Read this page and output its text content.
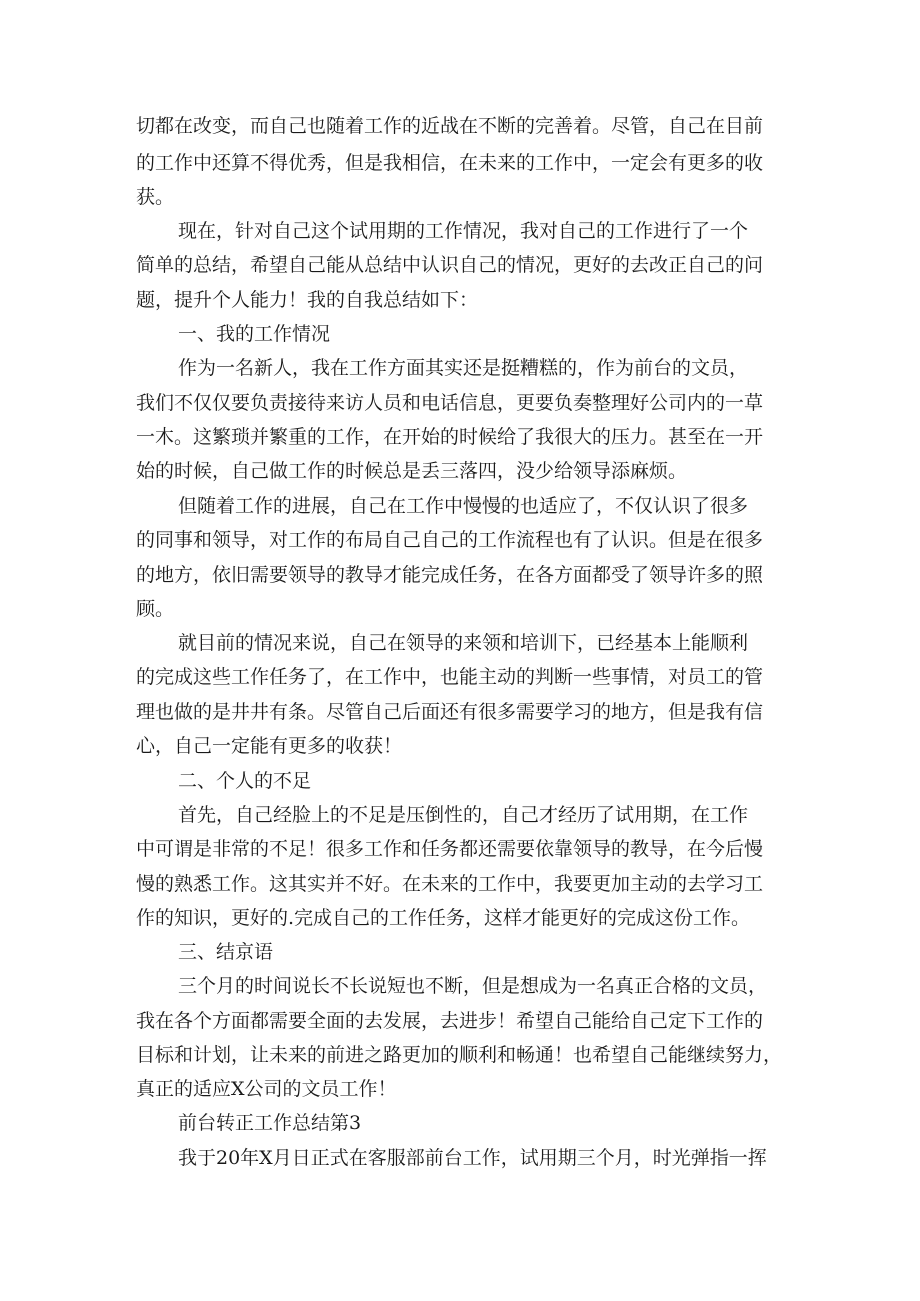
切都在改变，而自己也随着工作的近战在不断的完善着。尽管，自己在目前
的工作中还算不得优秀，但是我相信，在未来的工作中，一定会有更多的收
获。
现在，针对自己这个试用期的工作情况，我对自己的工作进行了一个
简单的总结，希望自己能从总结中认识自己的情况，更好的去改正自己的问
题，提升个人能力！我的自我总结如下：
一、我的工作情况
作为一名新人，我在工作方面其实还是挺糟糕的，作为前台的文员，
我们不仅仅要负责接待来访人员和电话信息，更要负奏整理好公司内的一草
一木。这繁琐并繁重的工作，在开始的时候给了我很大的压力。甚至在一开
始的时候，自己做工作的时候总是丢三落四，没少给领导添麻烦。
但随着工作的进展，自己在工作中慢慢的也适应了，不仅认识了很多
的同事和领导，对工作的布局自己自己的工作流程也有了认识。但是在很多
的地方，依旧需要领导的教导才能完成任务，在各方面都受了领导许多的照
顾。
就目前的情况来说，自己在领导的来领和培训下，已经基本上能顺利
的完成这些工作任务了，在工作中，也能主动的判断一些事情，对员工的管
理也做的是井井有条。尽管自己后面还有很多需要学习的地方，但是我有信
心，自己一定能有更多的收获！
二、个人的不足
首先，自己经脸上的不足是压倒性的，自己才经历了试用期，在工作
中可谓是非常的不足！很多工作和任务都还需要依靠领导的教导，在今后慢
慢的熟悉工作。这其实并不好。在未来的工作中，我要更加主动的去学习工
作的知识，更好的.完成自己的工作任务，这样才能更好的完成这份工作。
三、结京语
三个月的时间说长不长说短也不断，但是想成为一名真正合格的文员，
我在各个方面都需要全面的去发展，去进步！希望自己能给自己定下工作的
目标和计划，让未来的前进之路更加的顺利和畅通！也希望自己能继续努力，
真正的适应X公司的文员工作！
前台转正工作总结第3
我于20年X月日正式在客服部前台工作，试用期三个月，时光弹指一挥
